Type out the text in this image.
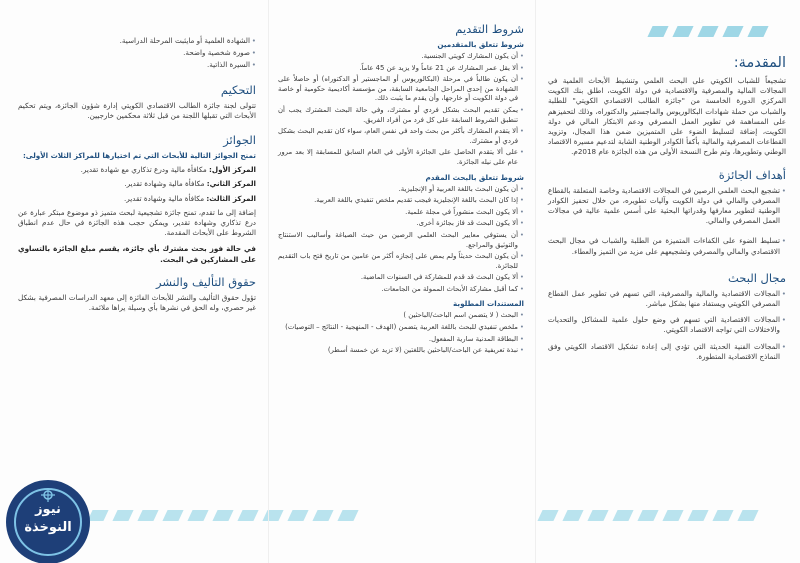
المقدمة:

تشجيعاً للشباب الكويتي على البحث العلمي وتنشيط الأبحاث العلمية في المجالات المالية والمصرفية والاقتصادية في دولة الكويت، اطلق بنك الكويت المركزي الدورة الخامسة من "جائزة الطالب الاقتصادي الكويتي" للطلبة والشباب من حملة شهادات البكالوريوس والماجستير والدكتوراه، وذلك لتحفيزهم على المساهمة في تطوير العمل المصرفي ودعم الابتكار المالي في دولة الكويت، إضافة لتسليط الضوء على المتميزين ضمن هذا المجال، وتزويد القطاعات المصرفية والمالية بأكفأ الكوادر الوطنية الشابة لتدعيم مسيرة الاقتصاد الوطني وتطويرها، وتم طرح النسخة الأولى من هذه الجائزة عام 2018م.

أهداف الجائزة
• تشجيع البحث العلمي الرصين في المجالات الاقتصادية وخاصة المتعلقة بالقطاع المصرفي والمالي في دولة الكويت وآليات تطويره، من خلال تحفيز الكوادر الوطنية لتطوير معارفها وقدراتها البحثية على أسس علمية عالية في مجالات العمل المصرفي والمالي.
• تسليط الضوء على الكفاءات المتميزة من الطلبة والشباب في مجال البحث الاقتصادي والمالي والمصرفي وتشجيعهم على مزيد من التميز والعطاء.
مجال البحث
• المجالات الاقتصادية والمالية والمصرفية، التي تسهم في تطوير عمل القطاع المصرفي الكويتي ويستفاد منها بشكل مباشر.
• المجالات الاقتصادية التي تسهم في وضع حلول علمية للمشاكل والتحديات والاختلالات التي تواجه الاقتصاد الكويتي.
• المجالات الفنية الحديثة التي تؤدي إلى إعادة تشكيل الاقتصاد الكويتي وفق النماذج الاقتصادية المتطورة.
شروط التقديم
شروط تتعلق بالمتقدمين
• أن يكون المشارك كويتي الجنسية.
• ألا يقل عمر المشارك عن 21 عاماً ولا يزيد عن 45 عاماً.
• أن يكون طالباً في مرحلة (البكالوريوس أو الماجستير أو الدكتوراه) أو حاصلاً على الشهادة من إحدى المراحل الجامعية السابقة، من مؤسسة أكاديمية حكومية أو خاصة في دولة الكويت أو خارجها، وأن يقدم ما يثبت ذلك.
• يمكن تقديم البحث بشكل فردي أو مشترك، وفي حالة البحث المشترك يجب أن تنطبق الشروط السابقة على كل فرد من أفراد الفريق.
• ألا يتقدم المشارك بأكثر من بحث واحد في نفس العام، سواء كان تقديم البحث بشكل فردي أو مشترك.
• على ألا يتقدم الحاصل على الجائزة الأولى في العام السابق للمسابقة إلا بعد مرور عام على نيله الجائزة.
شروط تتعلق بالبحث المقدم
• أن يكون البحث باللغة العربية أو الإنجليزية.
• إذا كان البحث باللغة الإنجليزية فيجب تقديم ملخص تنفيذي باللغة العربية.
• ألا يكون البحث منشوراً في مجلة علمية.
• ألا يكون البحث قد فاز بجائزة أخرى.
• أن يستوفي معايير البحث العلمي الرصين من حيث الصياغة وأساليب الاستنتاج والتوثيق والمراجع.
• أن يكون البحث حديثاً ولم يمض على إنجازه أكثر من عامين من تاريخ فتح باب التقديم للجائزة.
• ألا يكون البحث قد قدم للمشاركة في السنوات الماضية.
• كما أقبل مشاركة الأبحاث الممولة من الجامعات.
المستندات المطلوبة
• البحث ( لا يتضمن اسم الباحث/الباحثين )
• ملخص تنفيذي للبحث باللغة العربية يتضمن (الهدف - المنهجية - النتائج – التوصيات)
• البطاقة المدنية سارية المفعول.
• نبذة تعريفية عن الباحث/الباحثين باللغتين (لا تزيد عن خمسة أسطر)
• الشهادة العلمية أو مايثبت المرحلة الدراسية.
• صورة شخصية واضحة.
• السيرة الذاتية.
التحكيم

تتولى لجنة جائزة الطالب الاقتصادي الكويتي إدارة شؤون الجائزة، ويتم تحكيم الأبحاث التي تقبلها اللجنة من قبل ثلاثة محكمين خارجيين.

الجوائز

تمنح الجوائز التالية للأبحاث التي تم اختيارها للمراكز الثلاث الأولى:

المركز الأول: مكافأة مالية ودرع تذكاري مع شهادة تقدير.

المركز الثاني: مكافأة مالية وشهادة تقدير.

المركز الثالث: مكافأة مالية وشهادة تقدير.

إضافة إلى ما تقدم، تمنح جائزة تشجيعية لبحث متميز ذو موضوع مبتكر عبارة عن درع تذكاري وشهادة تقدير، ويمكن حجب هذه الجائزة في حال عدم انطباق الشروط على الأبحاث المقدمة.

في حالة فوز بحث مشترك بأي جائزة، يقسم مبلغ الجائزة بالتساوي على المشاركين في البحث.

حقوق التأليف والنشر

تؤول حقوق التأليف والنشر للأبحاث الفائزة إلى معهد الدراسات المصرفية بشكل غير حصري، وله الحق في نشرها بأي وسيلة يراها ملائمة.

نيوز
النوخذة
